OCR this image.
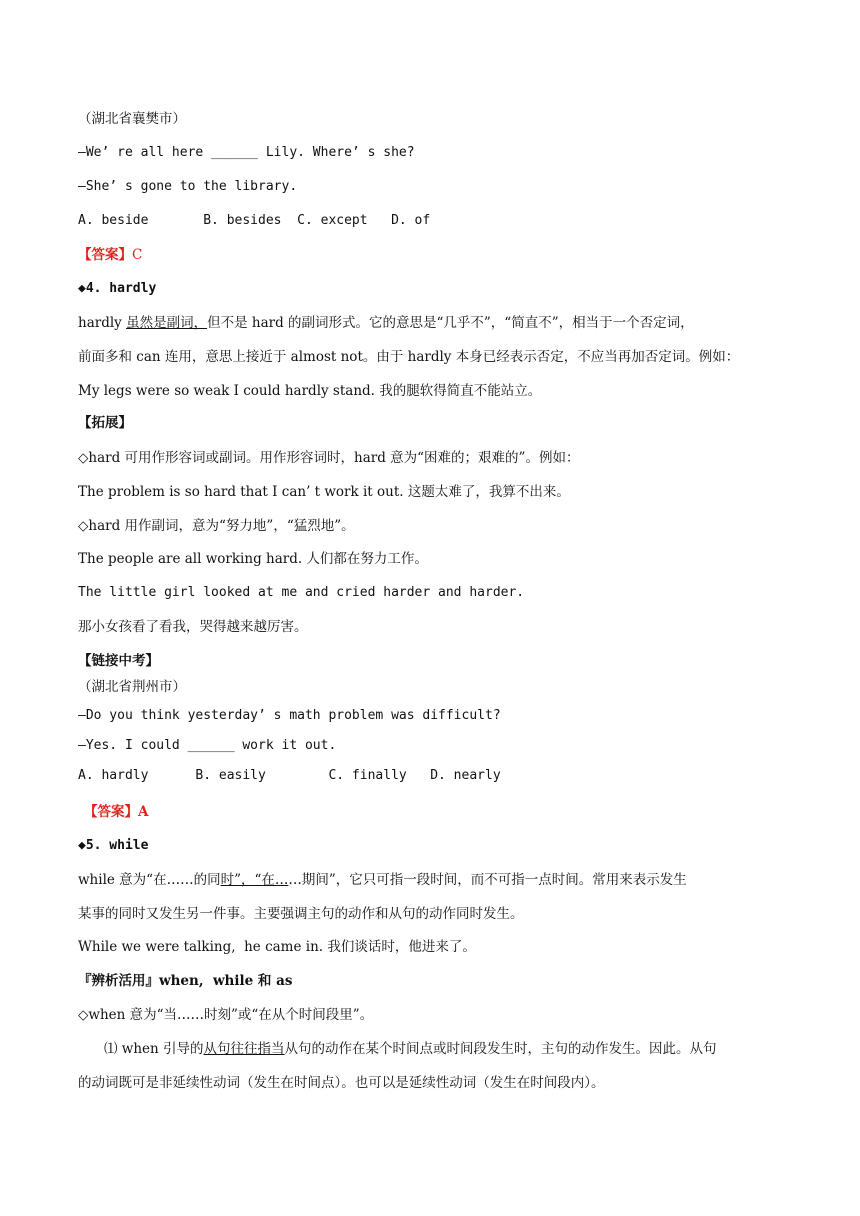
（湖北省襄樊市）
—We’ re all here ______ Lily. Where’ s she?
—She’ s gone to the library.
A. beside       B. besides  C. except   D. of
【答案】C
◆4. hardly
hardly 虽然是副词，但不是 hard 的副词形式。它的意思是“几乎不”，“简直不”，相当于一个否定词，
前面多和 can 连用，意思上接近于 almost not。由于 hardly 本身已经表示否定，不应当再加否定词。例如：
My legs were so weak I could hardly stand. 我的腿软得简直不能站立。
【拓展】
◇hard 可用作形容词或副词。用作形容词时，hard 意为“困难的；艰难的”。例如：
The problem is so hard that I can’ t work it out. 这题太难了，我算不出来。
◇hard 用作副词，意为“努力地”，“猛烈地”。
The people are all working hard. 人们都在努力工作。
The little girl looked at me and cried harder and harder.
那小女孩看了看我，哭得越来越厉害。
【链接中考】
（湖北省荆州市）
—Do you think yesterday’ s math problem was difficult?
—Yes. I could ______ work it out.
A. hardly      B. easily        C. finally   D. nearly
【答案】A
◆5. while
while 意为“在……的同时”，“在……期间”，它只可指一段时间，而不可指一点时间。常用来表示发生
某事的同时又发生另一件事。主要强调主句的动作和从句的动作同时发生。
While we were talking,  he came in. 我们谈话时，他进来了。
『辨析活用』when,  while 和 as
◇when 意为“当……时刻”或“在从个时间段里”。
⑴ when 引导的从句往往指当从句的动作在某个时间点或时间段发生时，主句的动作发生。因此。从句
的动词既可是非延续性动词（发生在时间点）。也可以是延续性动词（发生在时间段内）。
